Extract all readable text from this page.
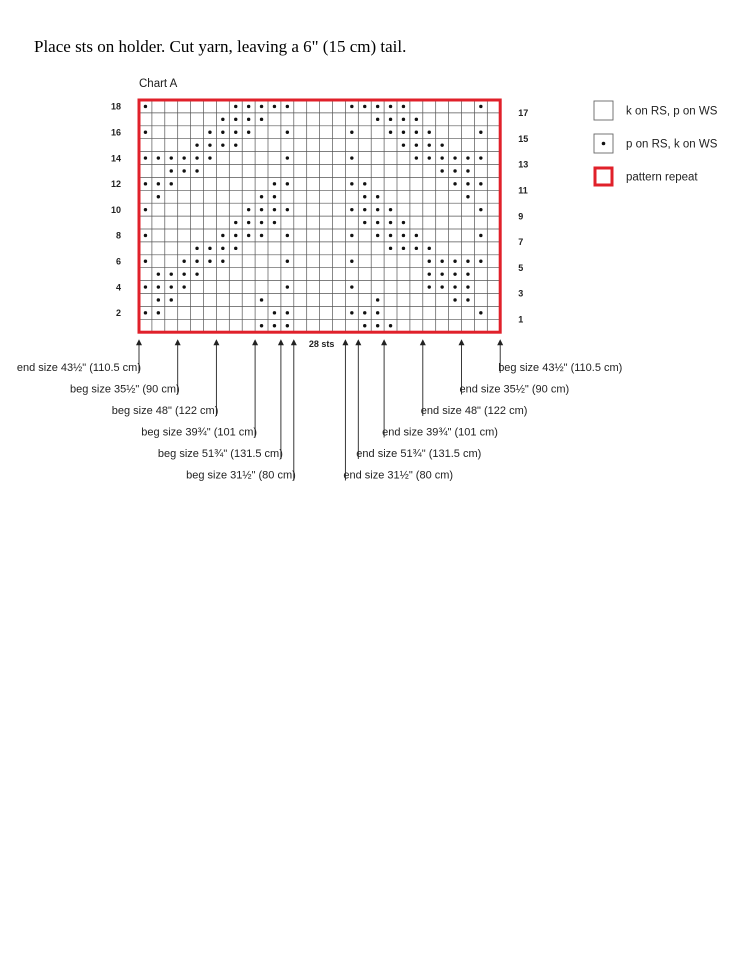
Place sts on holder. Cut yarn, leaving a 6" (15 cm) tail.

Chart A
2
4
6
8
10
12
14
16
18
1
3
5
7
9
11
13
15
17
28 sts
end size 43½" (110.5 cm)
beg size 35½" (90 cm)
beg size 48" (122 cm)
beg size 39¾" (101 cm)
beg size 51¾" (131.5 cm)
beg size 31½" (80 cm)	end size 31½" (80 cm)
end size 51¾" (131.5 cm)
end size 39¾" (101 cm)
end size 48" (122 cm)
end size 35½" (90 cm)
beg size 43½" (110.5 cm)
k on RS, p on WS
p on RS, k on WS
pattern repeat
